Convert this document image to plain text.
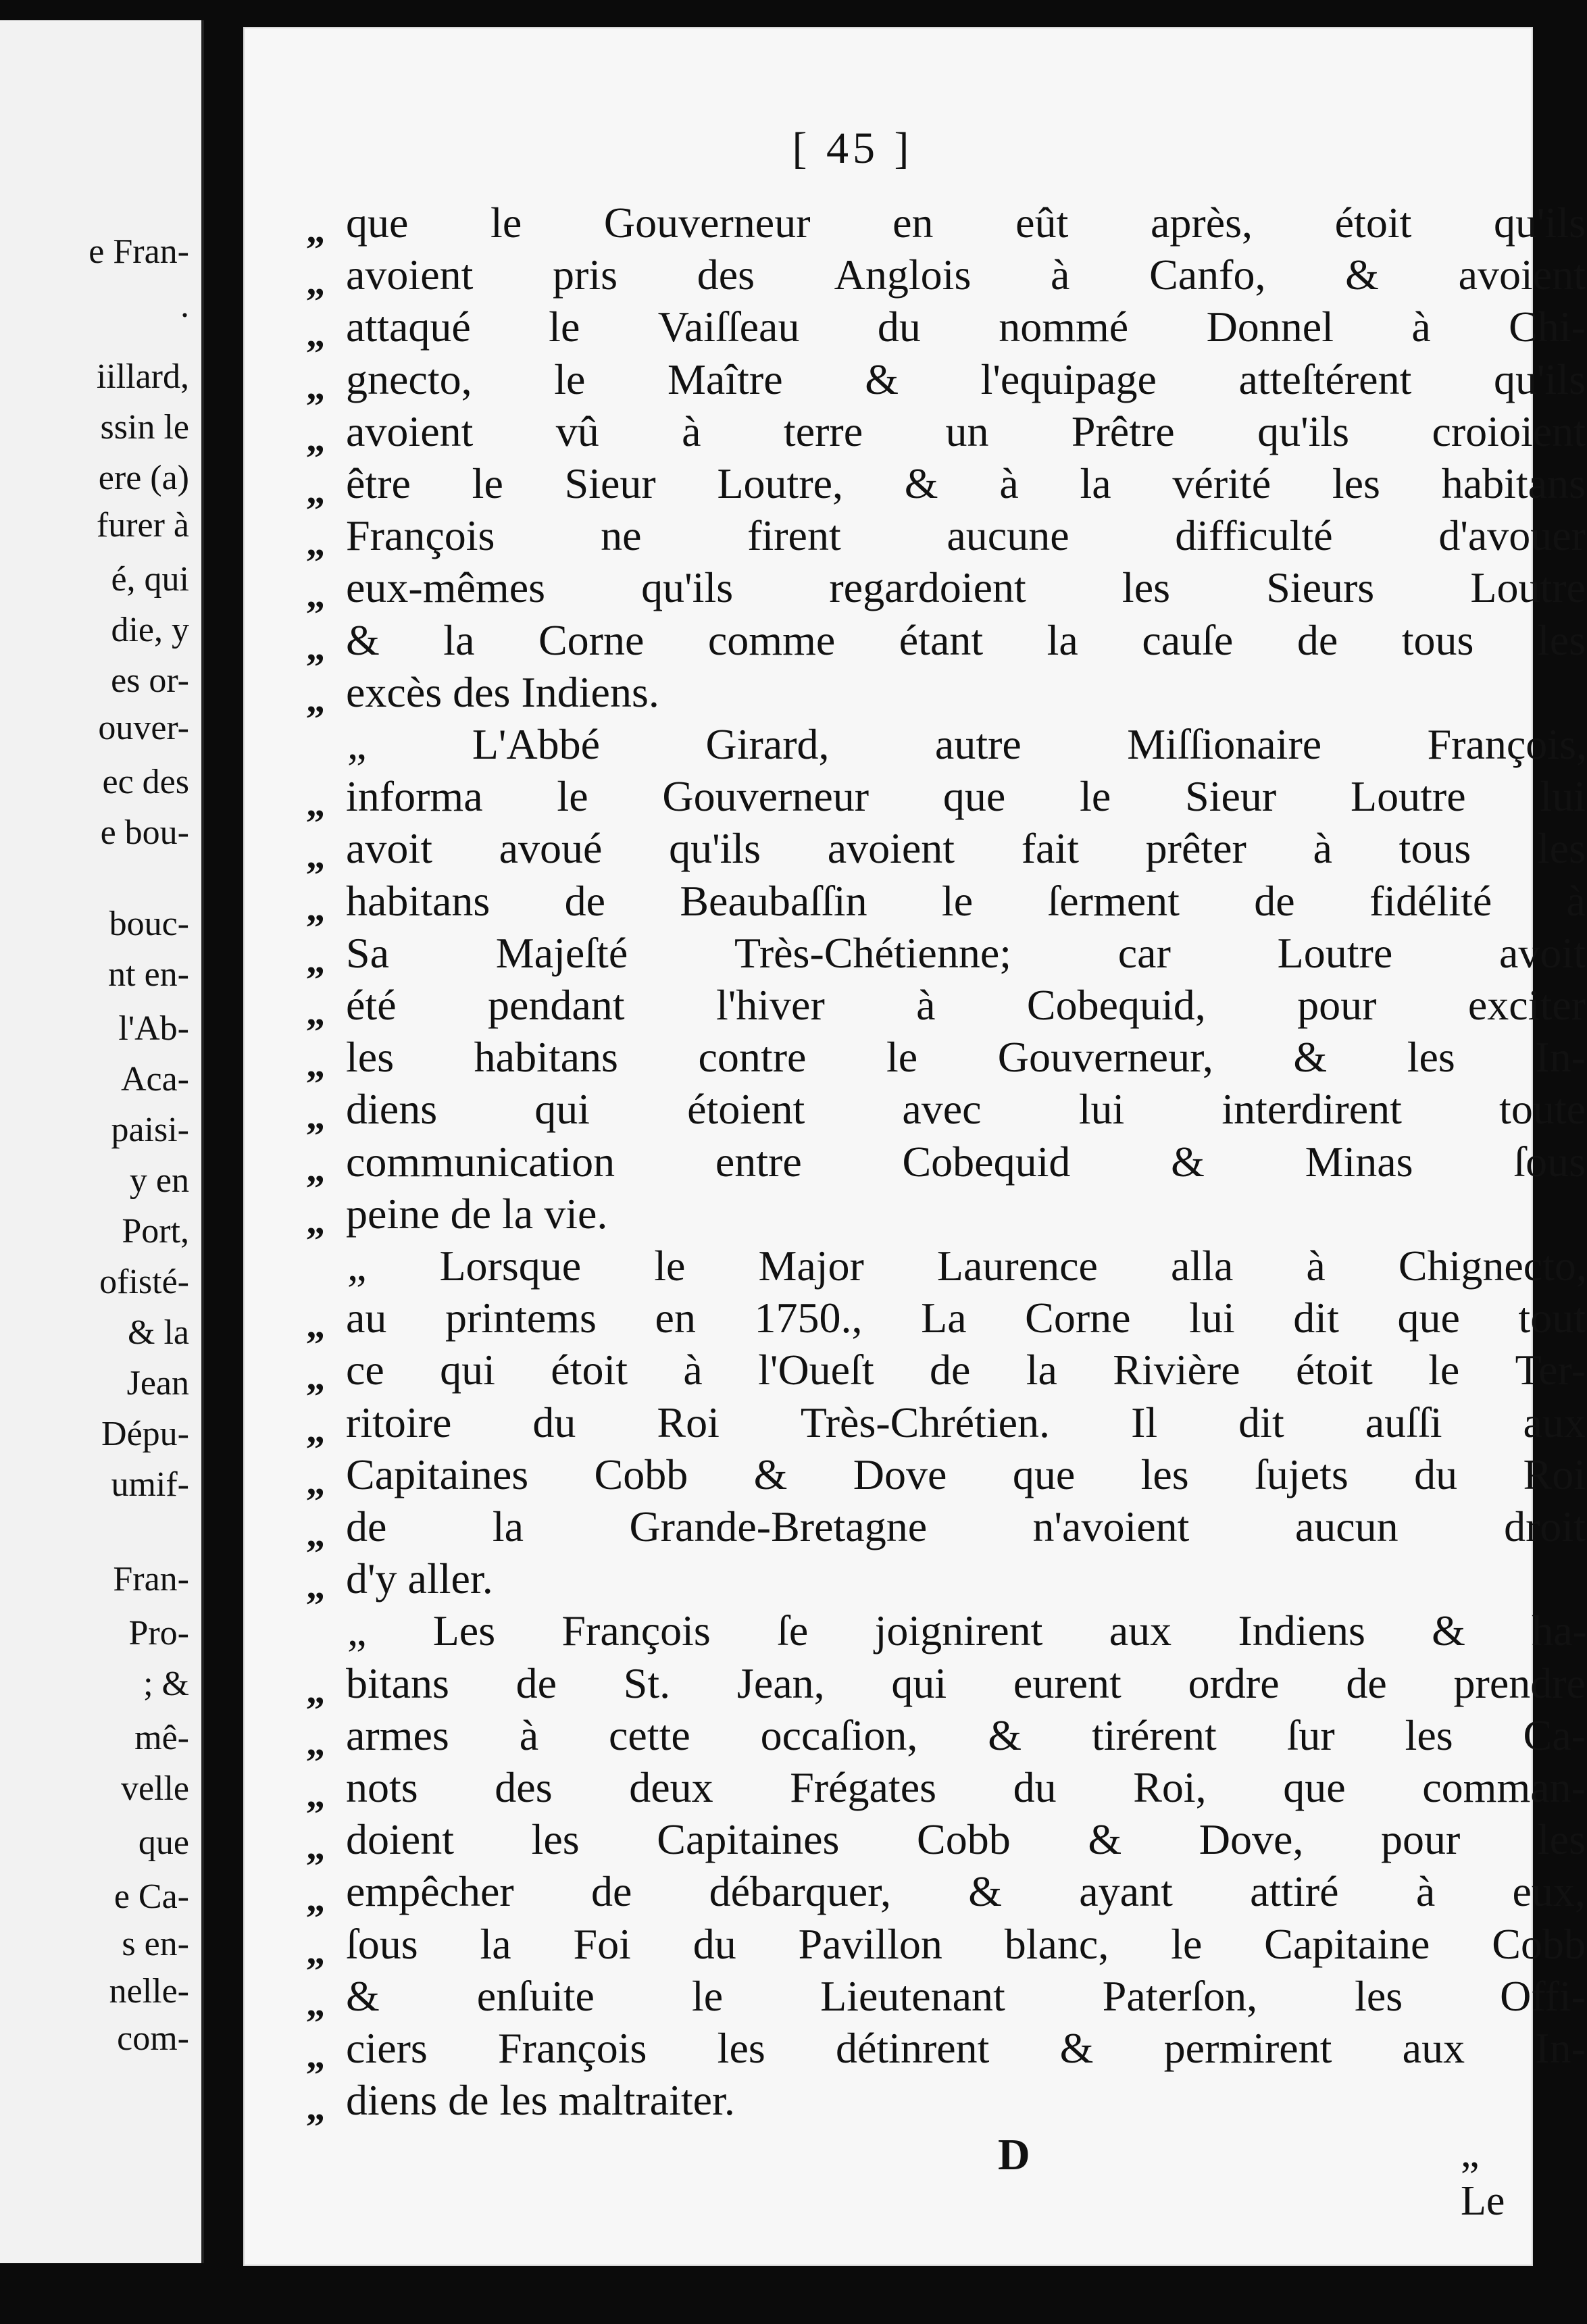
e Fran-
.
iillard,
ssin le
ere (a)
furer à
é, qui
die, y
es or-
ouver-
ec des
e bou-
bouc-
nt en-
l'Ab-
Aca-
paisi-
y en
Port,
ofisté-
& la
Jean
Dépu-
umif-
Fran-
Pro-
; &
mê-
velle
que
e Ca-
s en-
nelle-
com-
[ 45 ]
„
„
„
„
„
„
„
„
„
„
„
„
„
„
„
„
„
„
„
„
„
„
„
„
„
„
„
„
„
„
„
„
„
„
que le Gouverneur en eût après, étoit qu'ils
avoient pris des Anglois à Canfo, & avoient
attaqué le Vaiſſeau du nommé Donnel à Chi-
gnecto, le Maître & l'equipage atteſtérent qu'ils
avoient vû à terre un Prêtre qu'ils croioient
être le Sieur Loutre, & à la vérité les habitans
François ne firent aucune difficulté d'avouer
eux-mêmes qu'ils regardoient les Sieurs Loutre
& la Corne comme étant la cauſe de tous les
excès des Indiens.
„ L'Abbé Girard, autre Miſſionaire François,
informa le Gouverneur que le Sieur Loutre lui
avoit avoué qu'ils avoient fait prêter à tous les
habitans de Beaubaſſin le ſerment de fidélité à
Sa Majeſté Très-Chétienne; car Loutre avoit
été pendant l'hiver à Cobequid, pour exciter
les habitans contre le Gouverneur, & les In-
diens qui étoient avec lui interdirent toute
communication entre Cobequid & Minas ſous
peine de la vie.
„ Lorsque le Major Laurence alla à Chignecto,
au printems en 1750., La Corne lui dit que tout
ce qui étoit à l'Oueſt de la Rivière étoit le Ter-
ritoire du Roi Très-Chrétien. Il dit auſſi aux
Capitaines Cobb & Dove que les ſujets du Roi
de la Grande-Bretagne n'avoient aucun droit
d'y aller.
„ Les François ſe joignirent aux Indiens & ha-
bitans de St. Jean, qui eurent ordre de prendre
armes à cette occaſion, & tirérent ſur les Ca-
nots des deux Frégates du Roi, que comman-
doient les Capitaines Cobb & Dove, pour les
empêcher de débarquer, & ayant attiré à eux,
ſous la Foi du Pavillon blanc, le Capitaine Cobb
& enſuite le Lieutenant Paterſon, les Offi-
ciers François les détinrent & permirent aux In-
diens de les maltraiter.
D	„ Le
